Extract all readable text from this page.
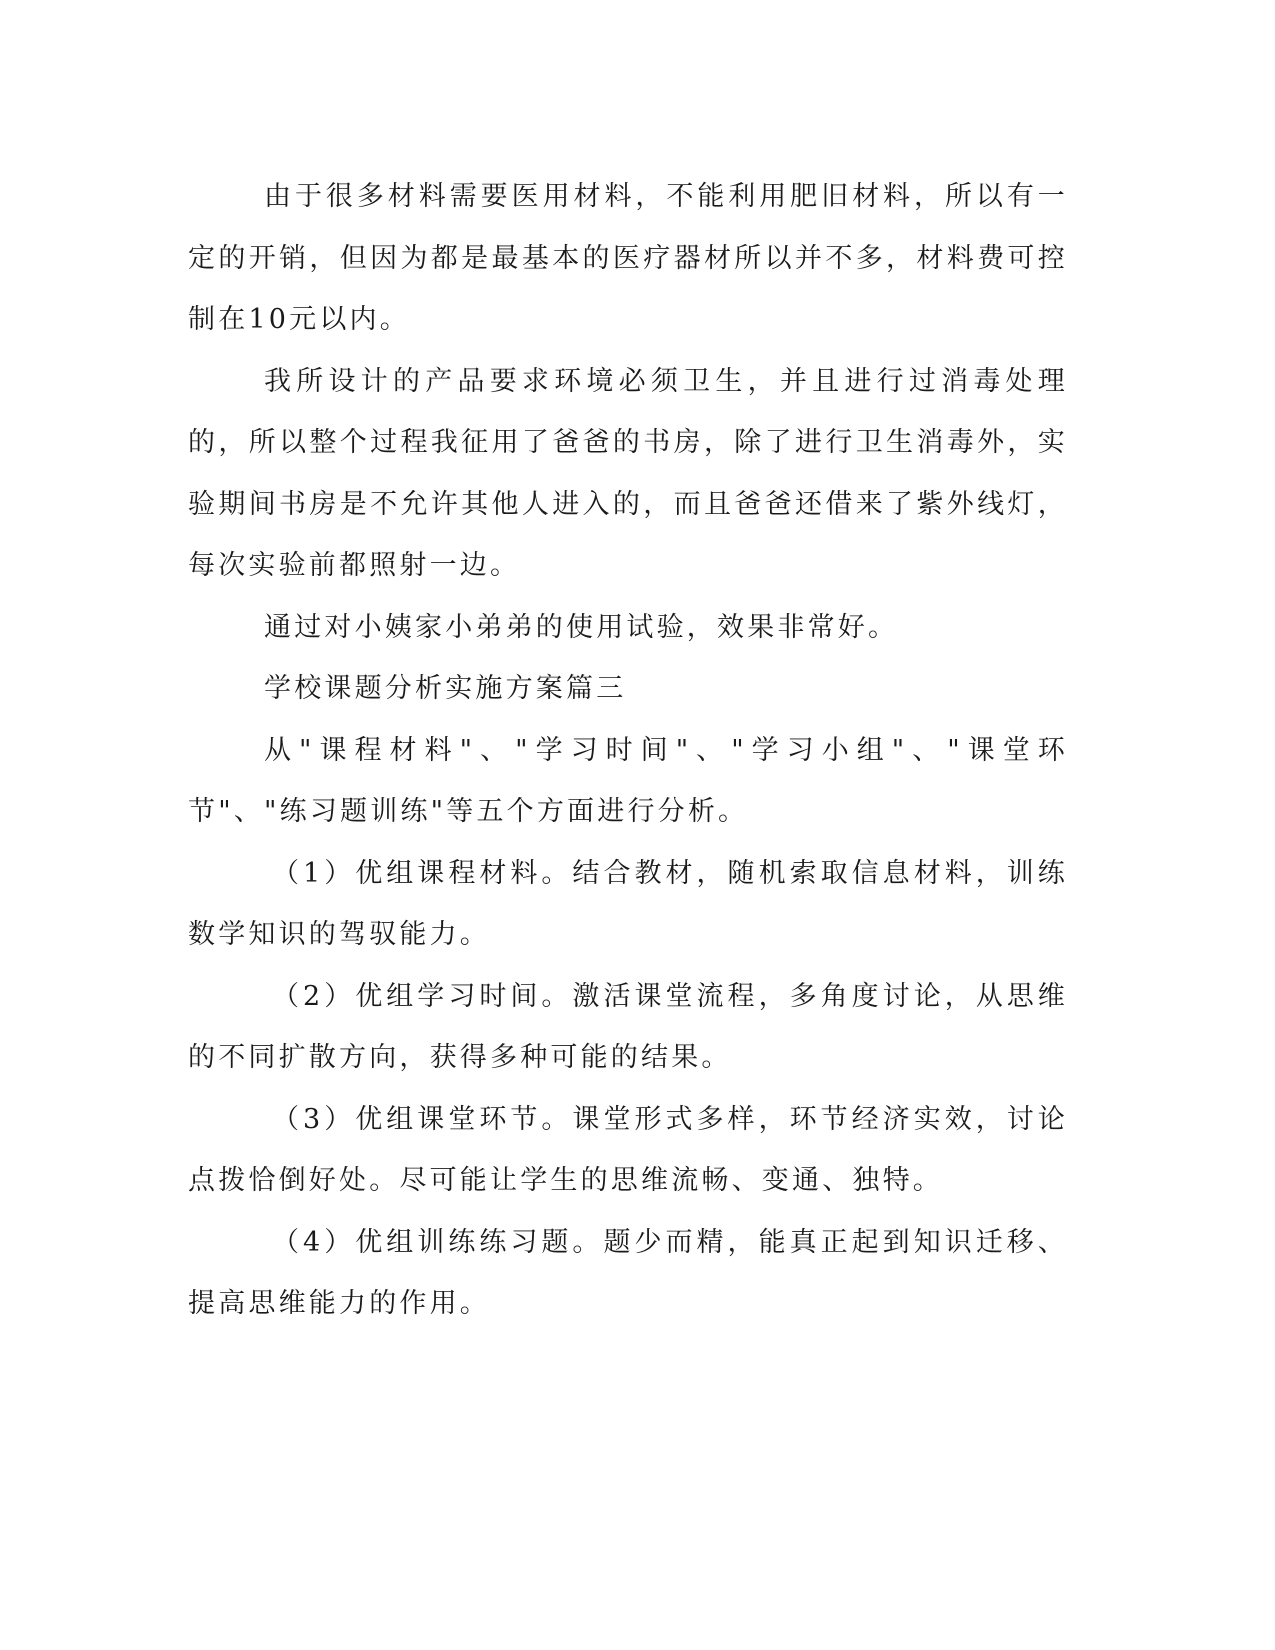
由于很多材料需要医用材料，不能利用肥旧材料，所以有一定的开销，但因为都是最基本的医疗器材所以并不多，材料费可控制在10元以内。

我所设计的产品要求环境必须卫生，并且进行过消毒处理的，所以整个过程我征用了爸爸的书房，除了进行卫生消毒外，实验期间书房是不允许其他人进入的，而且爸爸还借来了紫外线灯，每次实验前都照射一边。

通过对小姨家小弟弟的使用试验，效果非常好。

学校课题分析实施方案篇三

从"课程材料"、"学习时间"、"学习小组"、"课堂环节"、"练习题训练"等五个方面进行分析。

（1）优组课程材料。结合教材，随机索取信息材料，训练数学知识的驾驭能力。

（2）优组学习时间。激活课堂流程，多角度讨论，从思维的不同扩散方向，获得多种可能的结果。

（3）优组课堂环节。课堂形式多样，环节经济实效，讨论点拨恰倒好处。尽可能让学生的思维流畅、变通、独特。

（4）优组训练练习题。题少而精，能真正起到知识迁移、提高思维能力的作用。
